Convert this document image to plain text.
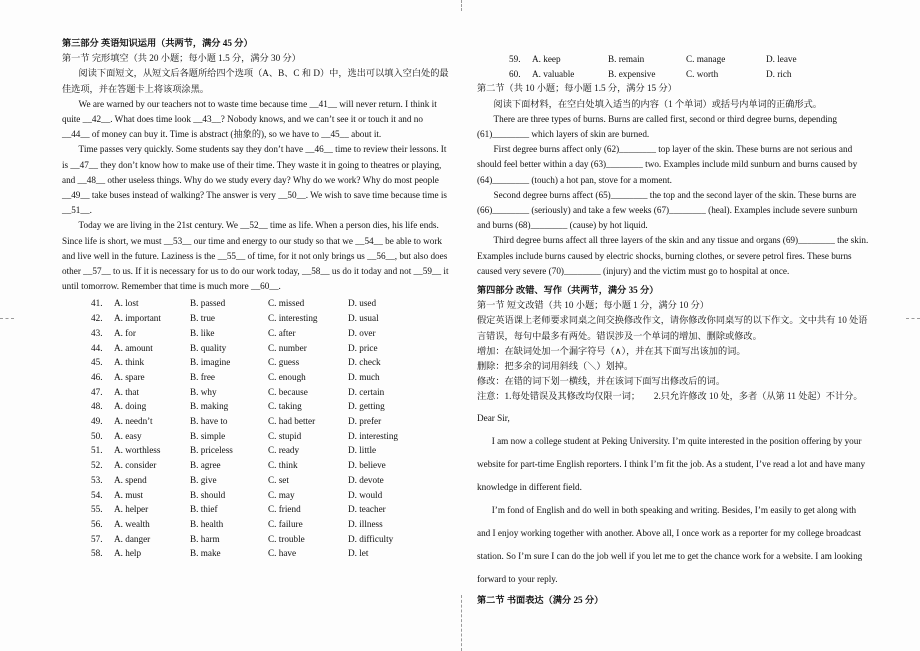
第三部分 英语知识运用（共两节，满分 45 分）

第一节 完形填空（共 20 小题；每小题 1.5 分，满分 30 分）

阅读下面短文，从短文后各题所给四个选项（A、B、C 和 D）中，选出可以填入空白处的最佳选项，并在答题卡上将该项涂黑。

We are warned by our teachers not to waste time because time __41__ will never return. I think it quite __42__. What does time look __43__? Nobody knows, and we can’t see it or touch it and no __44__ of money can buy it. Time is abstract (抽象的), so we have to __45__ about it.

Time passes very quickly. Some students say they don’t have __46__ time to review their lessons. It is __47__ they don’t know how to make use of their time. They waste it in going to theatres or playing, and __48__ other useless things. Why do we study every day? Why do we work? Why do most people __49__ take buses instead of walking? The answer is very __50__. We wish to save time because time is __51__.

Today we are living in the 21st century. We __52__ time as life. When a person dies, his life ends. Since life is short, we must __53__ our time and energy to our study so that we __54__ be able to work and live well in the future. Laziness is the __55__ of time, for it not only brings us __56__, but also does other __57__ to us. If it is necessary for us to do our work today, __58__ us do it today and not __59__ it until tomorrow. Remember that time is much more __60__.

41.	A. lost	B. passed	C. missed	D. used
42.	A. important	B. true	C. interesting	D. usual
43.	A. for	B. like	C. after	D. over
44.	A. amount	B. quality	C. number	D. price
45.	A. think	B. imagine	C. guess	D. check
46.	A. spare	B. free	C. enough	D. much
47.	A. that	B. why	C. because	D. certain
48.	A. doing	B. making	C. taking	D. getting
49.	A. needn’t	B. have to	C. had better	D. prefer
50.	A. easy	B. simple	C. stupid	D. interesting
51.	A. worthless	B. priceless	C. ready	D. little
52.	A. consider	B. agree	C. think	D. believe
53.	A. spend	B. give	C. set	D. devote
54.	A. must	B. should	C. may	D. would
55.	A. helper	B. thief	C. friend	D. teacher
56.	A. wealth	B. health	C. failure	D. illness
57.	A. danger	B. harm	C. trouble	D. difficulty
58.	A. help	B. make	C. have	D. let
59.	A. keep	B. remain	C. manage	D. leave
60.	A. valuable	B. expensive	C. worth	D. rich

第二节（共 10 小题；每小题 1.5 分，满分 15 分）

阅读下面材料，在空白处填入适当的内容（1 个单词）或括号内单词的正确形式。

There are three types of burns. Burns are called first, second or third degree burns, depending (61)________ which layers of skin are burned.

First degree burns affect only (62)________ top layer of the skin. These burns are not serious and should feel better within a day (63)________ two. Examples include mild sunburn and burns caused by (64)________ (touch) a hot pan, stove for a moment.

Second degree burns affect (65)________ the top and the second layer of the skin. These burns are (66)________ (seriously) and take a few weeks (67)________ (heal). Examples include severe sunburn and burns (68)________ (cause) by hot liquid.

Third degree burns affect all three layers of the skin and any tissue and organs (69)________ the skin. Examples include burns caused by electric shocks, burning clothes, or severe petrol fires. These burns caused very severe (70)________ (injury) and the victim must go to hospital at once.

第四部分 改错、写作（共两节，满分 35 分）

第一节 短文改错（共 10 小题；每小题 1 分，满分 10 分）

假定英语课上老师要求同桌之间交换修改作文，请你修改你同桌写的以下作文。文中共有 10 处语言错误，每句中最多有两处。错误涉及一个单词的增加、删除或修改。

增加：在缺词处加一个漏字符号（∧），并在其下面写出该加的词。

删除：把多余的词用斜线（＼）划掉。

修改：在错的词下划一横线，并在该词下面写出修改后的词。

注意：1.每处错误及其修改均仅限一词；　　2.只允许修改 10 处，多者（从第 11 处起）不计分。

Dear Sir,

I am now a college student at Peking University. I’m quite interested in the position offering by your website for part-time English reporters. I think I’m fit the job. As a student, I’ve read a lot and have many knowledge in different field.

I’m fond of English and do well in both speaking and writing. Besides, I’m easily to get along with and I enjoy working together with another. Above all, I once work as a reporter for my college broadcast station. So I’m sure I can do the job well if you let me to get the chance work for a website. I am looking forward to your reply.

第二节 书面表达（满分 25 分）
